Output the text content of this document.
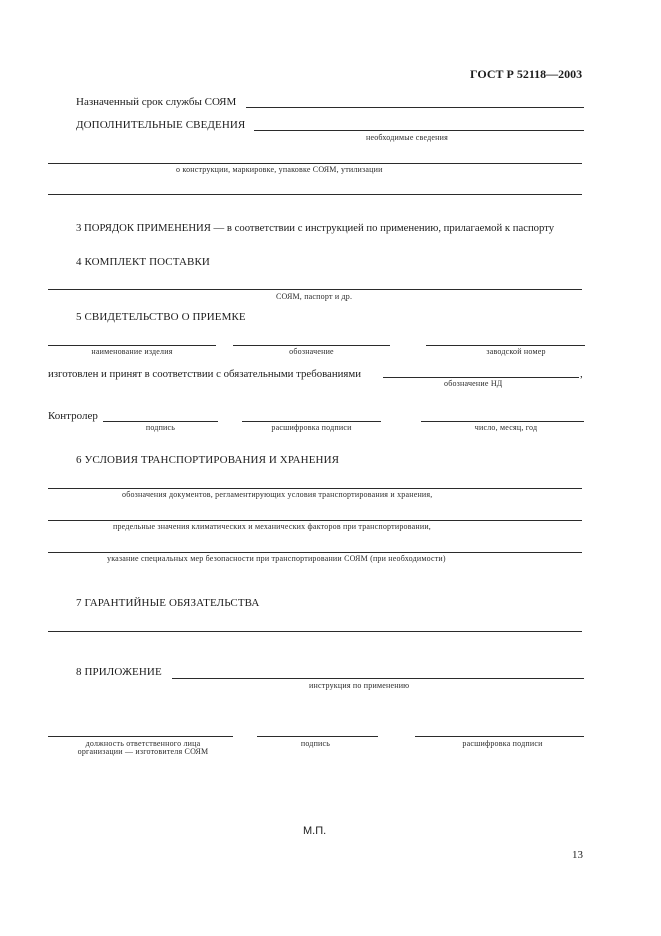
ГОСТ Р 52118—2003
Назначенный срок службы СОЯМ
ДОПОЛНИТЕЛЬНЫЕ СВЕДЕНИЯ
необходимые сведения
о конструкции, маркировке, упаковке СОЯМ, утилизации
3 ПОРЯДОК ПРИМЕНЕНИЯ — в соответствии с инструкцией по применению, прилагаемой к паспорту
4 КОМПЛЕКТ ПОСТАВКИ
СОЯМ, паспорт и др.
5 СВИДЕТЕЛЬСТВО О ПРИЕМКЕ
наименование изделия	обозначение	заводской номер
изготовлен и принят в соответствии с обязательными требованиями	,
обозначение НД
Контролер
подпись	расшифровка подписи	число, месяц, год
6 УСЛОВИЯ ТРАНСПОРТИРОВАНИЯ И ХРАНЕНИЯ
обозначения документов, регламентирующих условия транспортирования и хранения,
предельные значения климатических и механических факторов при транспортировании,
указание специальных мер безопасности при транспортировании СОЯМ (при необходимости)
7 ГАРАНТИЙНЫЕ ОБЯЗАТЕЛЬСТВА
8 ПРИЛОЖЕНИЕ
инструкция по применению
должность ответственного лица
организации — изготовителя СОЯМ
подпись	расшифровка подписи
М.П.
13
